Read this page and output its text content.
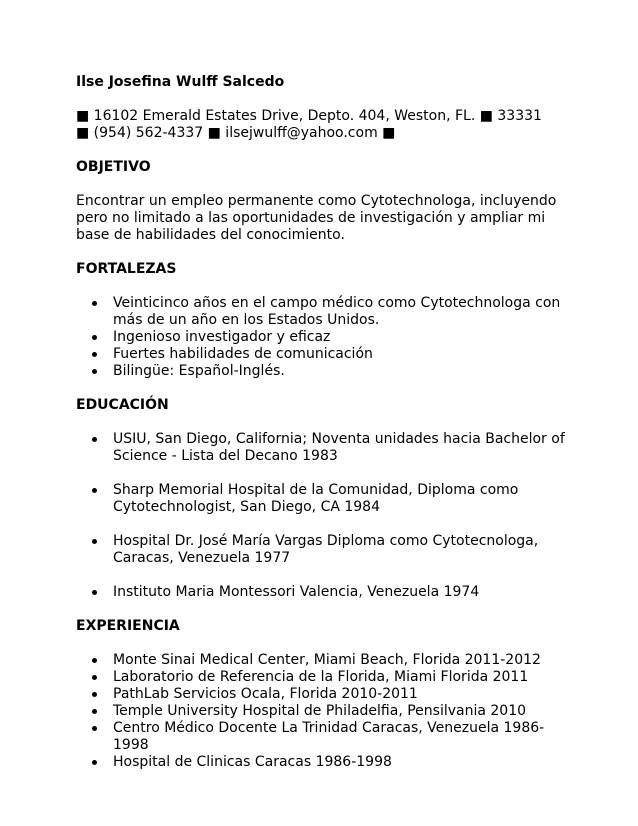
Ilse Josefina Wulff Salcedo
■ 16102 Emerald Estates Drive, Depto. 404, Weston, FL. ■ 33331
■ (954) 562-4337 ■ ilsejwulff@yahoo.com ■
OBJETIVO
Encontrar un empleo permanente como Cytotechnologa, incluyendo pero no limitado a las oportunidades de investigación y ampliar mi base de habilidades del conocimiento.
FORTALEZAS
Veinticinco años en el campo médico como Cytotechnologa con más de un año en los Estados Unidos.
Ingenioso investigador y eficaz
Fuertes habilidades de comunicación
Bilingüe: Español-Inglés.
EDUCACIÓN
USIU, San Diego, California; Noventa unidades hacia Bachelor of Science - Lista del Decano 1983
Sharp Memorial Hospital de la Comunidad, Diploma como Cytotechnologist, San Diego, CA 1984
Hospital Dr. José María Vargas Diploma como Cytotecnologa, Caracas, Venezuela 1977
Instituto Maria Montessori Valencia, Venezuela 1974
EXPERIENCIA
Monte Sinai Medical Center, Miami Beach, Florida 2011-2012
Laboratorio de Referencia de la Florida, Miami Florida 2011
PathLab Servicios Ocala, Florida 2010-2011
Temple University Hospital de Philadelfia, Pensilvania 2010
Centro Médico Docente La Trinidad Caracas, Venezuela 1986-1998
Hospital de Clinicas Caracas 1986-1998
